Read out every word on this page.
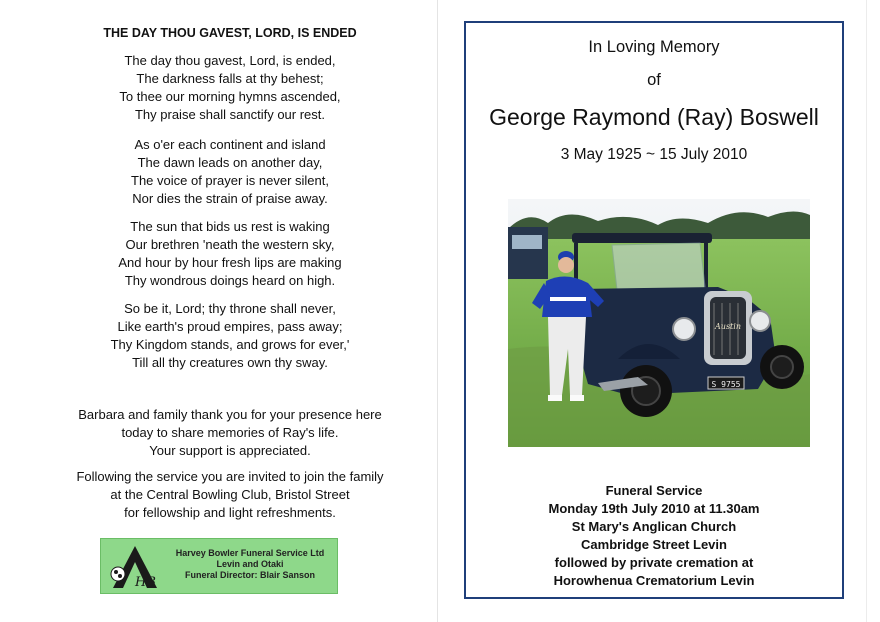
THE DAY THOU GAVEST, LORD, IS ENDED
The day thou gavest, Lord, is ended,
The darkness falls at thy behest;
To thee our morning hymns ascended,
Thy praise shall sanctify our rest.
As o'er each continent and island
The dawn leads on another day,
The voice of prayer is never silent,
Nor dies the strain of praise away.
The sun that bids us rest is waking
Our brethren 'neath the western sky,
And hour by hour fresh lips are making
Thy wondrous doings heard on high.
So be it, Lord; thy throne shall never,
Like earth's proud empires, pass away;
Thy Kingdom stands, and grows for ever,'
Till all thy creatures own thy sway.
Barbara and family thank you for your presence here
today to share memories of Ray's life.
Your support is appreciated.
Following the service you are invited to join the family
at the Central Bowling Club, Bristol Street
for fellowship and light refreshments.
HB
Harvey Bowler Funeral Service Ltd
Levin and Otaki
Funeral Director: Blair Sanson
In Loving Memory
of
George Raymond (Ray) Boswell
3 May 1925 ~ 15 July 2010
Austin
S 9755
Funeral Service
Monday 19th July 2010 at 11.30am
St Mary's Anglican Church
Cambridge Street Levin
followed by private cremation at
Horowhenua Crematorium Levin
